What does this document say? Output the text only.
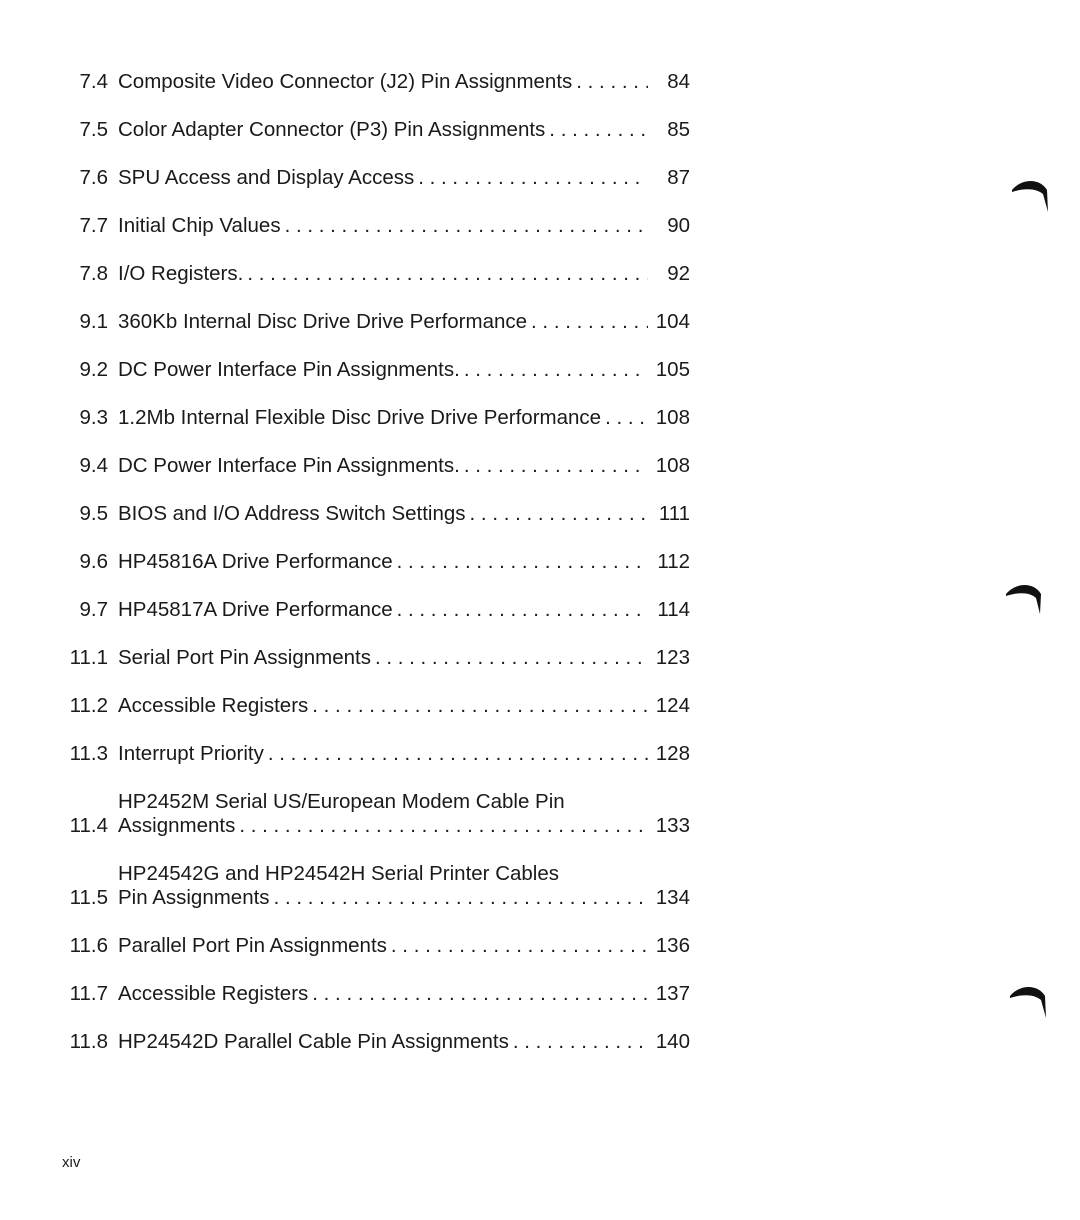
7.4 Composite Video Connector (J2) Pin Assignments . . .	84
7.5 Color Adapter Connector (P3) Pin Assignments . . .	85
7.6 SPU Access and Display Access . . .	87
7.7 Initial Chip Values . . .	90
7.8 I/O Registers. . . .	92
9.1 360Kb Internal Disc Drive Drive Performance . . .	104
9.2 DC Power Interface Pin Assignments. . . .	105
9.3 1.2Mb Internal Flexible Disc Drive Drive Performance . . .	108
9.4 DC Power Interface Pin Assignments. . . .	108
9.5 BIOS and I/O Address Switch Settings . . .	111
9.6 HP45816A Drive Performance . . .	112
9.7 HP45817A Drive Performance . . .	114
11.1 Serial Port Pin Assignments . . .	123
11.2 Accessible Registers . . .	124
11.3 Interrupt Priority . . .	128
11.4
HP2452M Serial US/European Modem Cable Pin
Assignments . . .	133
11.5
HP24542G and HP24542H Serial Printer Cables
Pin Assignments . . .	134
11.6 Parallel Port Pin Assignments . . .	136
11.7 Accessible Registers . . .	137
11.8 HP24542D Parallel Cable Pin Assignments . . .	140
xiv
